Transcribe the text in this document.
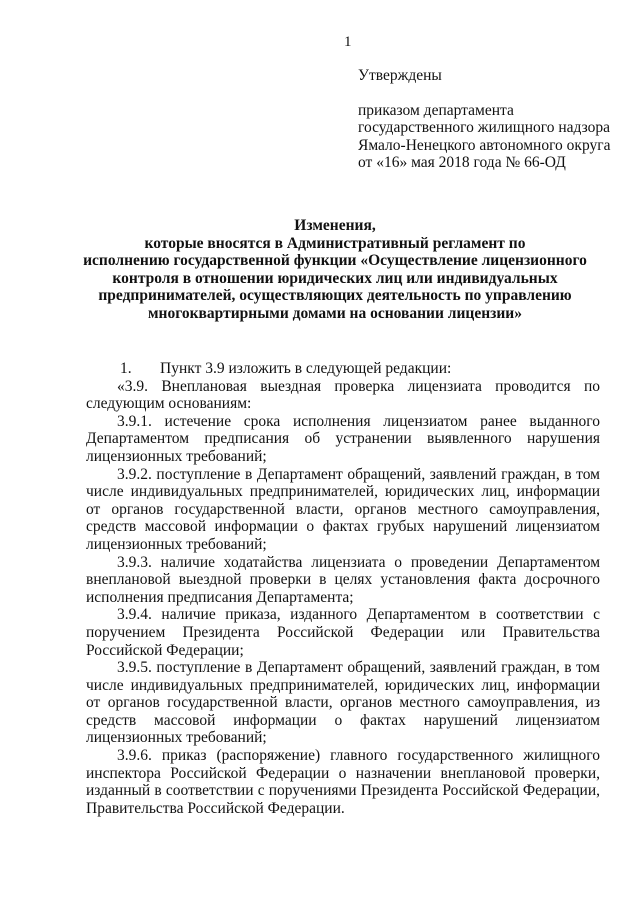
1
Утверждены
приказом департамента
государственного жилищного надзора
Ямало-Ненецкого автономного округа
от «16» мая 2018 года № 66-ОД
Изменения,
которые вносятся в Административный регламент по
исполнению государственной функции «Осуществление лицензионного
контроля в отношении юридических лиц или индивидуальных
предпринимателей, осуществляющих деятельность по управлению
многоквартирными домами на основании лицензии»

1. Пункт 3.9 изложить в следующей редакции:

«3.9. Внеплановая выездная проверка лицензиата проводится по следующим основаниям:

3.9.1. истечение срока исполнения лицензиатом ранее выданного Департаментом предписания об устранении выявленного нарушения лицензионных требований;

3.9.2. поступление в Департамент обращений, заявлений граждан, в том числе индивидуальных предпринимателей, юридических лиц, информации от органов государственной власти, органов местного самоуправления, средств массовой информации о фактах грубых нарушений лицензиатом лицензионных требований;

3.9.3. наличие ходатайства лицензиата о проведении Департаментом внеплановой выездной проверки в целях установления факта досрочного исполнения предписания Департамента;

3.9.4. наличие приказа, изданного Департаментом в соответствии с поручением Президента Российской Федерации или Правительства Российской Федерации;

3.9.5. поступление в Департамент обращений, заявлений граждан, в том числе индивидуальных предпринимателей, юридических лиц, информации от органов государственной власти, органов местного самоуправления, из средств массовой информации о фактах нарушений лицензиатом лицензионных требований;

3.9.6. приказ (распоряжение) главного государственного жилищного инспектора Российской Федерации о назначении внеплановой проверки, изданный в соответствии с поручениями Президента Российской Федерации, Правительства Российской Федерации.
